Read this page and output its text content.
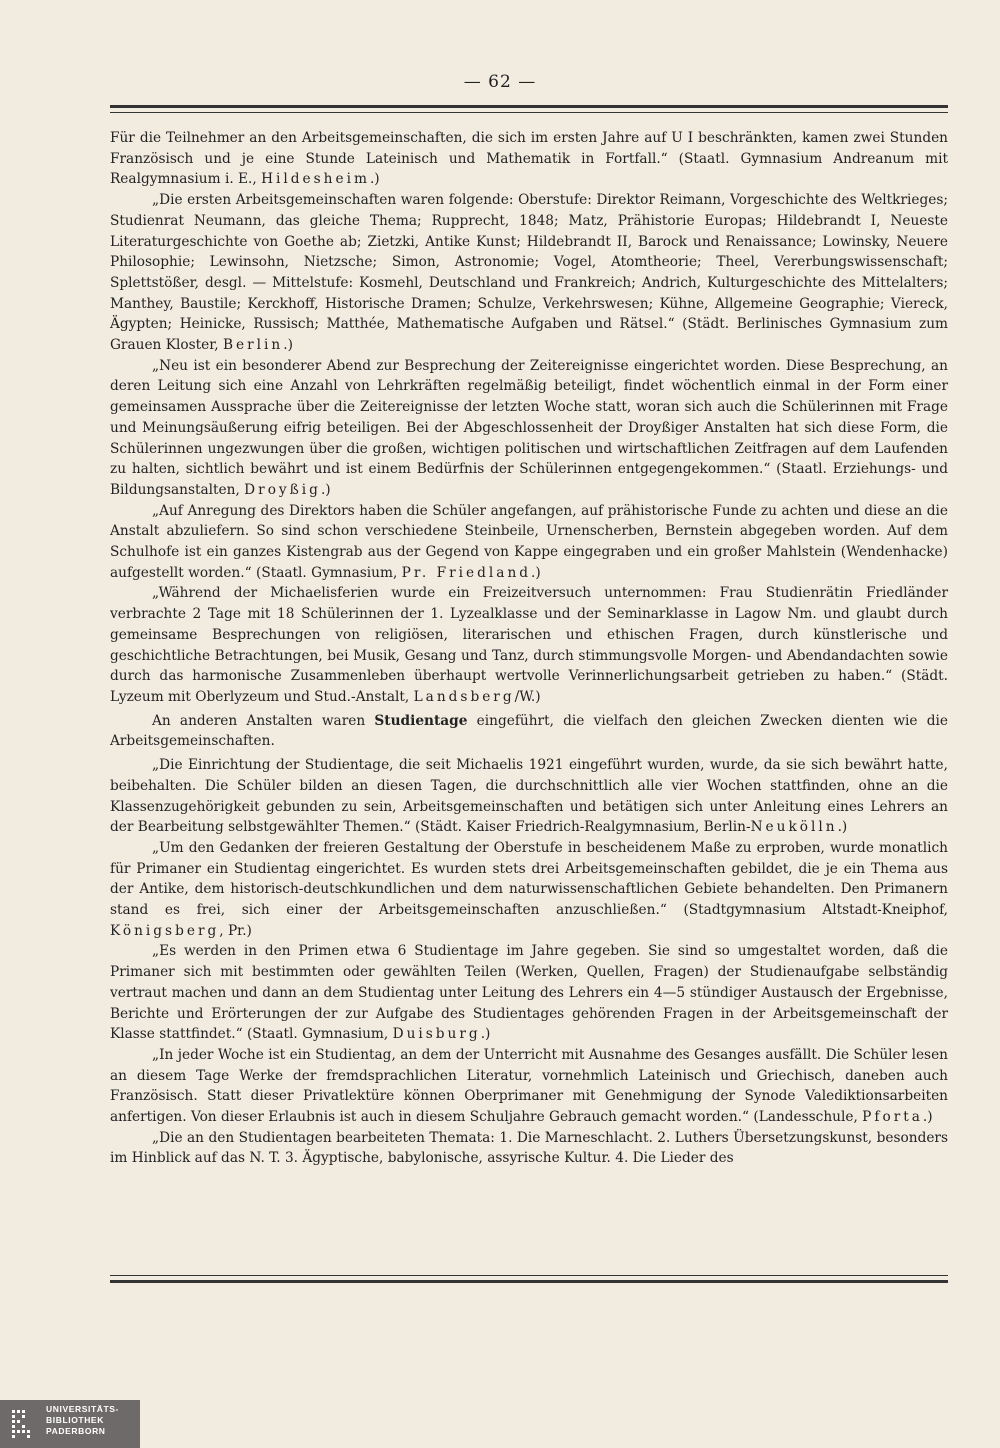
— 62 —

Für die Teilnehmer an den Arbeitsgemeinschaften, die sich im ersten Jahre auf U I beschränkten, kamen zwei Stunden Französisch und je eine Stunde Lateinisch und Mathematik in Fortfall.“ (Staatl. Gymnasium Andreanum mit Realgymnasium i. E., Hildesheim.)

„Die ersten Arbeitsgemeinschaften waren folgende: Oberstufe: Direktor Reimann, Vorgeschichte des Weltkrieges; Studienrat Neumann, das gleiche Thema; Rupprecht, 1848; Matz, Prähistorie Europas; Hildebrandt I, Neueste Literaturgeschichte von Goethe ab; Zietzki, Antike Kunst; Hildebrandt II, Barock und Renaissance; Lowinsky, Neuere Philosophie; Lewinsohn, Nietzsche; Simon, Astronomie; Vogel, Atomtheorie; Theel, Vererbungswissenschaft; Splettstößer, desgl. — Mittelstufe: Kosmehl, Deutschland und Frankreich; Andrich, Kulturgeschichte des Mittelalters; Manthey, Baustile; Kerckhoff, Historische Dramen; Schulze, Verkehrswesen; Kühne, Allgemeine Geographie; Viereck, Ägypten; Heinicke, Russisch; Matthée, Mathematische Aufgaben und Rätsel.“ (Städt. Berlinisches Gymnasium zum Grauen Kloster, Berlin.)

„Neu ist ein besonderer Abend zur Besprechung der Zeitereignisse eingerichtet worden. Diese Besprechung, an deren Leitung sich eine Anzahl von Lehrkräften regelmäßig beteiligt, findet wöchentlich einmal in der Form einer gemeinsamen Aussprache über die Zeitereignisse der letzten Woche statt, woran sich auch die Schülerinnen mit Frage und Meinungsäußerung eifrig beteiligen. Bei der Abgeschlossenheit der Droyßiger Anstalten hat sich diese Form, die Schülerinnen ungezwungen über die großen, wichtigen politischen und wirtschaftlichen Zeitfragen auf dem Laufenden zu halten, sichtlich bewährt und ist einem Bedürfnis der Schülerinnen entgegengekommen.“ (Staatl. Erziehungs- und Bildungsanstalten, Droyßig.)

„Auf Anregung des Direktors haben die Schüler angefangen, auf prähistorische Funde zu achten und diese an die Anstalt abzuliefern. So sind schon verschiedene Steinbeile, Urnenscherben, Bernstein abgegeben worden. Auf dem Schulhofe ist ein ganzes Kistengrab aus der Gegend von Kappe eingegraben und ein großer Mahlstein (Wendenhacke) aufgestellt worden.“ (Staatl. Gymnasium, Pr. Friedland.)

„Während der Michaelisferien wurde ein Freizeitversuch unternommen: Frau Studienrätin Friedländer verbrachte 2 Tage mit 18 Schülerinnen der 1. Lyzealklasse und der Seminarklasse in Lagow Nm. und glaubt durch gemeinsame Besprechungen von religiösen, literarischen und ethischen Fragen, durch künstlerische und geschichtliche Betrachtungen, bei Musik, Gesang und Tanz, durch stimmungsvolle Morgen- und Abendandachten sowie durch das harmonische Zusammenleben überhaupt wertvolle Verinnerlichungsarbeit getrieben zu haben.“ (Städt. Lyzeum mit Oberlyzeum und Stud.-Anstalt, Landsberg/W.)

An anderen Anstalten waren Studientage eingeführt, die vielfach den gleichen Zwecken dienten wie die Arbeitsgemeinschaften.

„Die Einrichtung der Studientage, die seit Michaelis 1921 eingeführt wurden, wurde, da sie sich bewährt hatte, beibehalten. Die Schüler bilden an diesen Tagen, die durchschnittlich alle vier Wochen stattfinden, ohne an die Klassenzugehörigkeit gebunden zu sein, Arbeitsgemeinschaften und betätigen sich unter Anleitung eines Lehrers an der Bearbeitung selbstgewählter Themen.“ (Städt. Kaiser Friedrich-Realgymnasium, Berlin-Neukölln.)

„Um den Gedanken der freieren Gestaltung der Oberstufe in bescheidenem Maße zu erproben, wurde monatlich für Primaner ein Studientag eingerichtet. Es wurden stets drei Arbeitsgemeinschaften gebildet, die je ein Thema aus der Antike, dem historisch-deutschkundlichen und dem naturwissenschaftlichen Gebiete behandelten. Den Primanern stand es frei, sich einer der Arbeitsgemeinschaften anzuschließen.“ (Stadtgymnasium Altstadt-Kneiphof, Königsberg, Pr.)

„Es werden in den Primen etwa 6 Studientage im Jahre gegeben. Sie sind so umgestaltet worden, daß die Primaner sich mit bestimmten oder gewählten Teilen (Werken, Quellen, Fragen) der Studienaufgabe selbständig vertraut machen und dann an dem Studientag unter Leitung des Lehrers ein 4—5 stündiger Austausch der Ergebnisse, Berichte und Erörterungen der zur Aufgabe des Studientages gehörenden Fragen in der Arbeitsgemeinschaft der Klasse stattfindet.“ (Staatl. Gymnasium, Duisburg.)

„In jeder Woche ist ein Studientag, an dem der Unterricht mit Ausnahme des Gesanges ausfällt. Die Schüler lesen an diesem Tage Werke der fremdsprachlichen Literatur, vornehmlich Lateinisch und Griechisch, daneben auch Französisch. Statt dieser Privatlektüre können Oberprimaner mit Genehmigung der Synode Valediktionsarbeiten anfertigen. Von dieser Erlaubnis ist auch in diesem Schuljahre Gebrauch gemacht worden.“ (Landesschule, Pforta.)

„Die an den Studientagen bearbeiteten Themata: 1. Die Marneschlacht. 2. Luthers Übersetzungskunst, besonders im Hinblick auf das N. T. 3. Ägyptische, babylonische, assyrische Kultur. 4. Die Lieder des

UNIVERSITÄTS-
BIBLIOTHEK
PADERBORN
